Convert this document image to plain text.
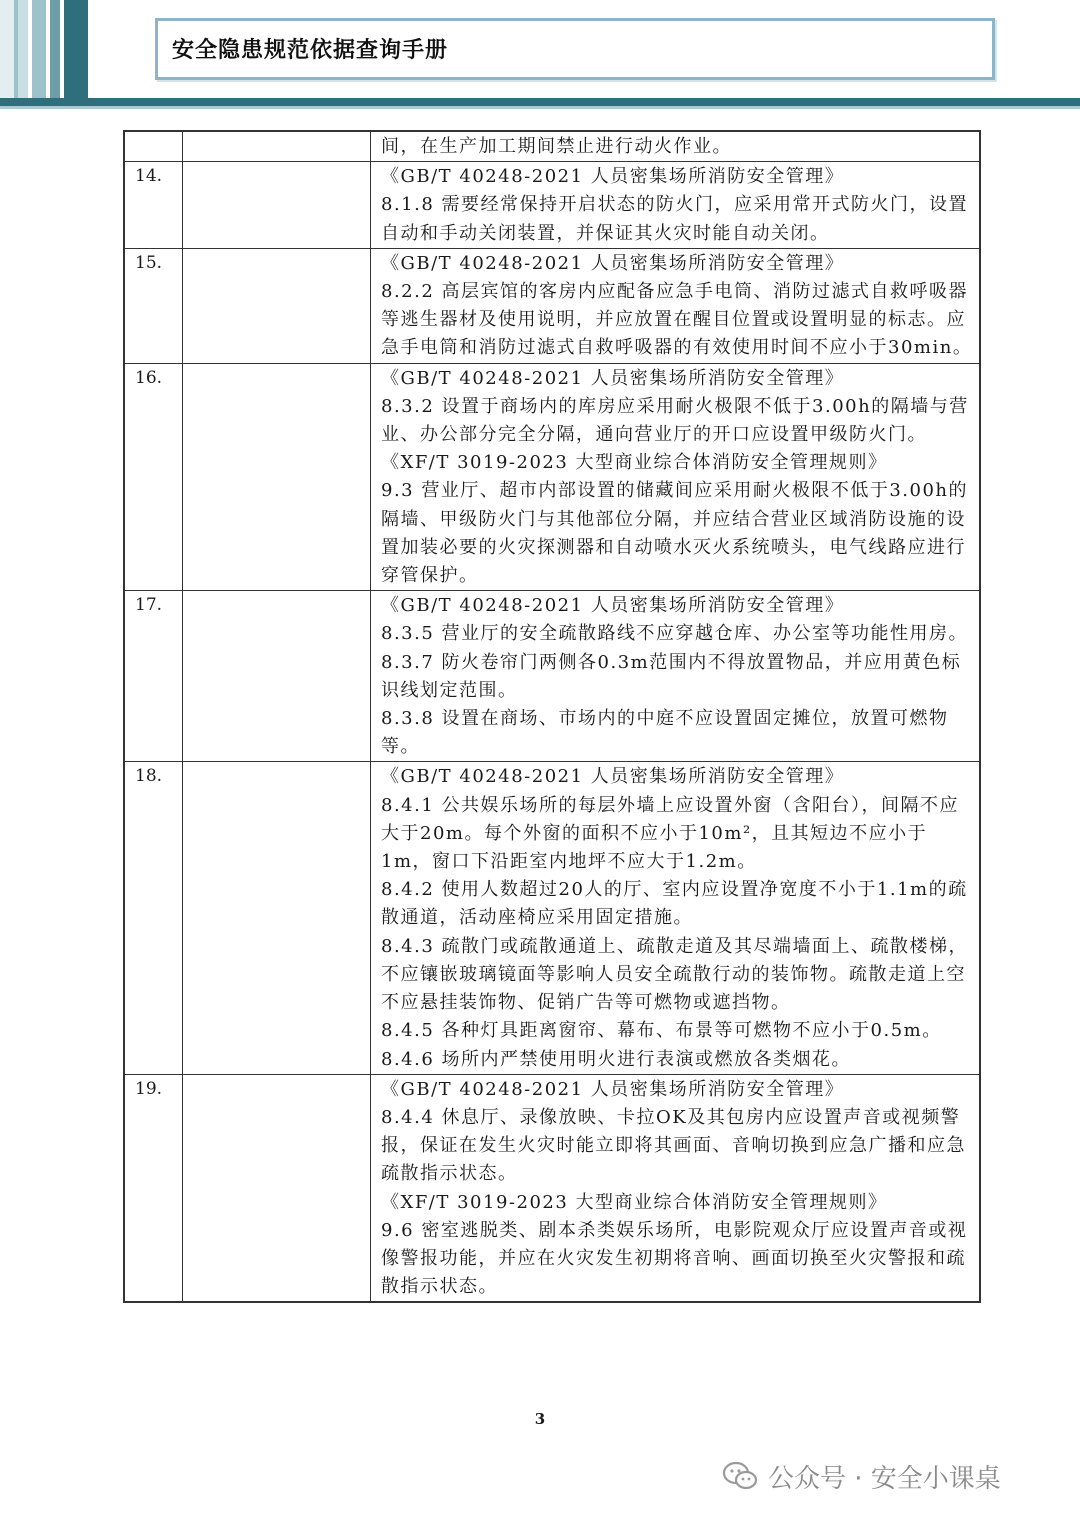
安全隐患规范依据查询手册

间，在生产加工期间禁止进行动火作业。

14.	《GB/T 40248-2021 人员密集场所消防安全管理》

8.1.8 需要经常保持开启状态的防火门，应采用常开式防火门，设置自动和手动关闭装置，并保证其火灾时能自动关闭。

15.	《GB/T 40248-2021 人员密集场所消防安全管理》

8.2.2 高层宾馆的客房内应配备应急手电筒、消防过滤式自救呼吸器等逃生器材及使用说明，并应放置在醒目位置或设置明显的标志。应急手电筒和消防过滤式自救呼吸器的有效使用时间不应小于30min。

16.	《GB/T 40248-2021 人员密集场所消防安全管理》

8.3.2 设置于商场内的库房应采用耐火极限不低于3.00h的隔墙与营业、办公部分完全分隔，通向营业厅的开口应设置甲级防火门。

《XF/T 3019-2023 大型商业综合体消防安全管理规则》

9.3 营业厅、超市内部设置的储藏间应采用耐火极限不低于3.00h的隔墙、甲级防火门与其他部位分隔，并应结合营业区域消防设施的设置加装必要的火灾探测器和自动喷水灭火系统喷头，电气线路应进行穿管保护。

17.	《GB/T 40248-2021 人员密集场所消防安全管理》

8.3.5 营业厅的安全疏散路线不应穿越仓库、办公室等功能性用房。

8.3.7 防火卷帘门两侧各0.3m范围内不得放置物品，并应用黄色标识线划定范围。

8.3.8 设置在商场、市场内的中庭不应设置固定摊位，放置可燃物等。

18.	《GB/T 40248-2021 人员密集场所消防安全管理》

8.4.1 公共娱乐场所的每层外墙上应设置外窗（含阳台），间隔不应大于20m。每个外窗的面积不应小于10m²，且其短边不应小于1m，窗口下沿距室内地坪不应大于1.2m。

8.4.2 使用人数超过20人的厅、室内应设置净宽度不小于1.1m的疏散通道，活动座椅应采用固定措施。

8.4.3 疏散门或疏散通道上、疏散走道及其尽端墙面上、疏散楼梯，不应镶嵌玻璃镜面等影响人员安全疏散行动的装饰物。疏散走道上空不应悬挂装饰物、促销广告等可燃物或遮挡物。

8.4.5 各种灯具距离窗帘、幕布、布景等可燃物不应小于0.5m。

8.4.6 场所内严禁使用明火进行表演或燃放各类烟花。

19.	《GB/T 40248-2021 人员密集场所消防安全管理》

8.4.4 休息厅、录像放映、卡拉OK及其包房内应设置声音或视频警报，保证在发生火灾时能立即将其画面、音响切换到应急广播和应急疏散指示状态。

《XF/T 3019-2023 大型商业综合体消防安全管理规则》

9.6 密室逃脱类、剧本杀类娱乐场所，电影院观众厅应设置声音或视像警报功能，并应在火灾发生初期将音响、画面切换至火灾警报和疏散指示状态。

3
公众号 · 安全小课桌
